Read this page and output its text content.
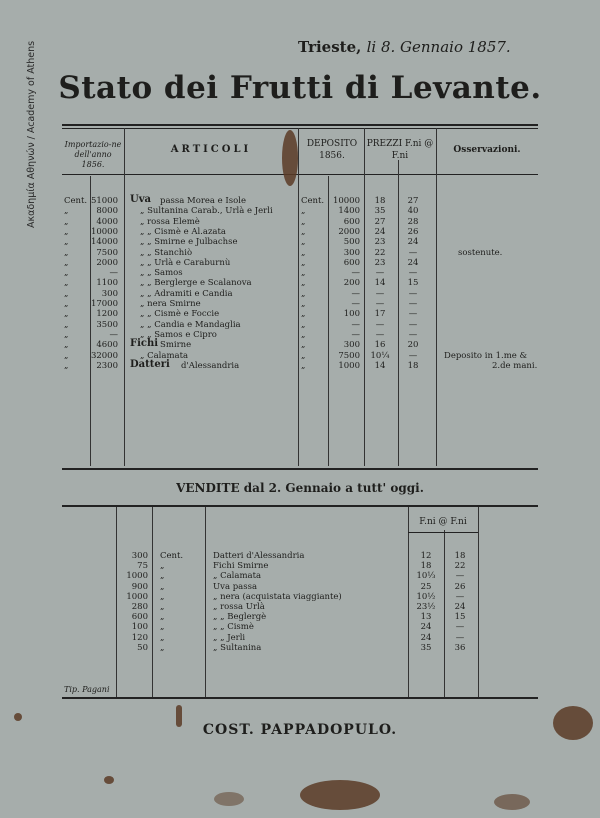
Ακαδημία Αθηνών / Academy of Athens	Trieste, li 8. Gennaio 1857.
Stato dei Frutti di Levante.
Importazio-ne dell'anno 1856.
ARTICOLI	DEPOSITO 1856.
PREZZI F.ni @ F.ni
Osservazioni.
Cent. 51000 Uva passa Morea e Isole	Cent.	10000	18	27
„	8000	„ Sultanina Carab., Urlà e Jerli	„	1400	35	40
„	4000	„ rossa Elemè	„	600	27	28
„	10000	„ „ Cismè e Al.azata	„	2000	24	26
„	14000	„ „ Smirne e Julbachse	„	500	23	24
„	7500	„ „ Stanchiò	„	300	22	—	sostenute.
„	2000	„ „ Urlà e Caraburnù	„	600	23	24
„	—	„ „ Samos	„	—	—	—
„	1100	„ „ Berglerge e Scalanova	„	200	14	15
„	300	„ „ Adramiti e Candia	„	—	—	—
„	17000	„ nera Smirne	„	—	—	—
„	1200	„ „ Cismè e Foccie	„	100	17	—
„	3500	„ „ Candia e Mandaglia	„	—	—	—
„	—	„ „ Samos e Cipro	„	—	—	—
„	4600 Fichi Smirne	„	300	16	20
„	32000	„ Calamata	„	7500	10¼	—	Deposito in 1.me &
„	2300 Datteri d'Alessandria	„	1000	14	18	2.de mani.
VENDITE dal 2. Gennaio a tutt' oggi.
F.ni @ F.ni
300 Cent.	Datteri d'Alessandria	12	18
75 „	Fichi Smirne	18	22
1000 „	„ Calamata	10⅓	—
900 „	Uva passa	25	26
1000 „	„ nera (acquistata viaggiante)	10½	—
280 „	„ rossa Urlà	23½	24
600 „	„ „ Beglergè	13	15
100 „	„ „ Cismè	24	—
120 „	„ „ Jerli	24	—
50 „	„ Sultanina	35	36
Tip. Pagani
COST. PAPPADOPULO.
